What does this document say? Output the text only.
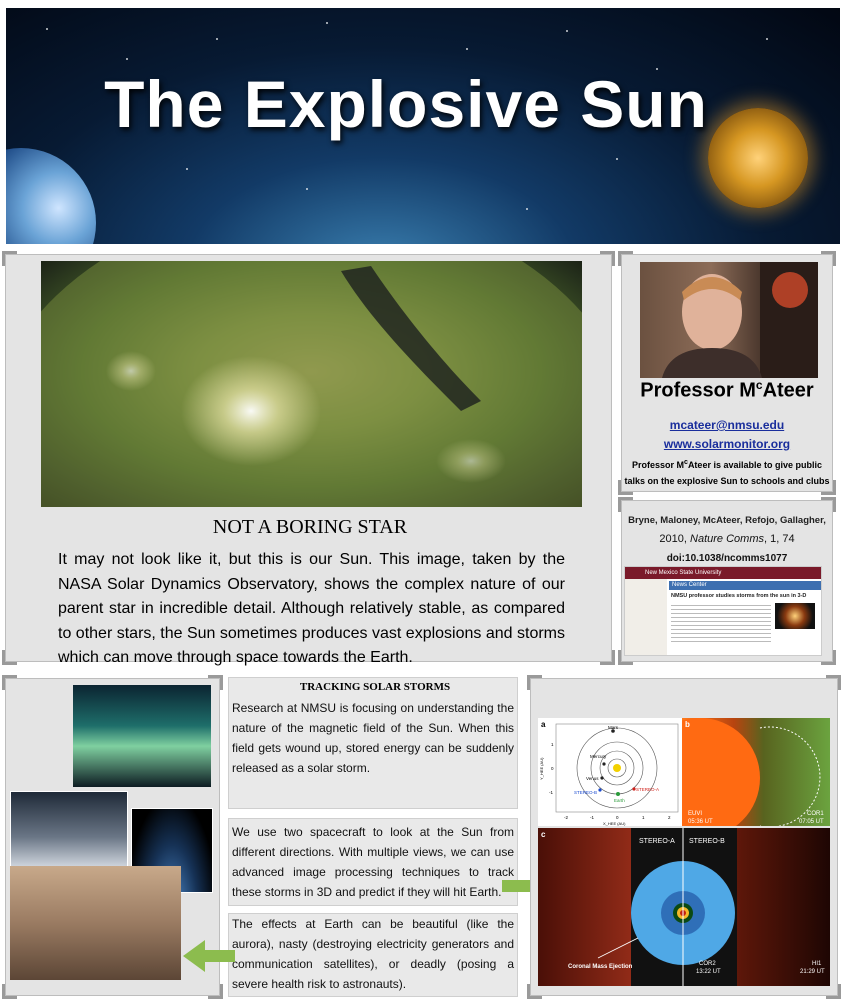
The Explosive Sun
NOT A BORING STAR
It may not look like it, but this is our Sun. This image, taken by the NASA Solar Dynamics Observatory, shows the complex nature of our parent star in incredible detail. Although relatively stable, as compared to other stars, the Sun sometimes produces vast explosions and storms which can move through space towards the Earth.
Professor $M^cAteer$
mcateer@nmsu.edu
www.solarmonitor.org
Professor $M^cAteer$ is available to give public talks on the explosive Sun to schools and clubs
Bryne, Maloney, McAteer, Refojo, Gallagher,
2010, Nature Comms, 1, 74
doi:10.1038/ncomms1077
New Mexico State University
News Center
NMSU professor studies storms from the sun in 3-D
TRACKING SOLAR STORMS
Research at NMSU is focusing on understanding the nature of the magnetic field of the Sun. When this field gets wound up, stored energy can be suddenly released as a solar storm.
We use two spacecraft to look at the Sun from different directions. With multiple views, we can use advanced image processing techniques to track these storms in 3D and predict if they will hit Earth.
The effects at Earth can be beautiful (like the aurora), nasty (destroying electricity generators and communication satellites), or deadly (posing a severe health risk to astronauts).
a	Mars
Mercury
Venus
Earth
STEREO-A
STEREO-B
-2	-1	0	1	2
X_HEE (AU)
1
0
-1
Y_HEE (AU)
b
EUVI
05:36 UT
COR1
07:05 UT
c
STEREO-A STEREO-B
COR2
13:22 UT
HI1
21:29 UT
Coronal Mass Ejection
